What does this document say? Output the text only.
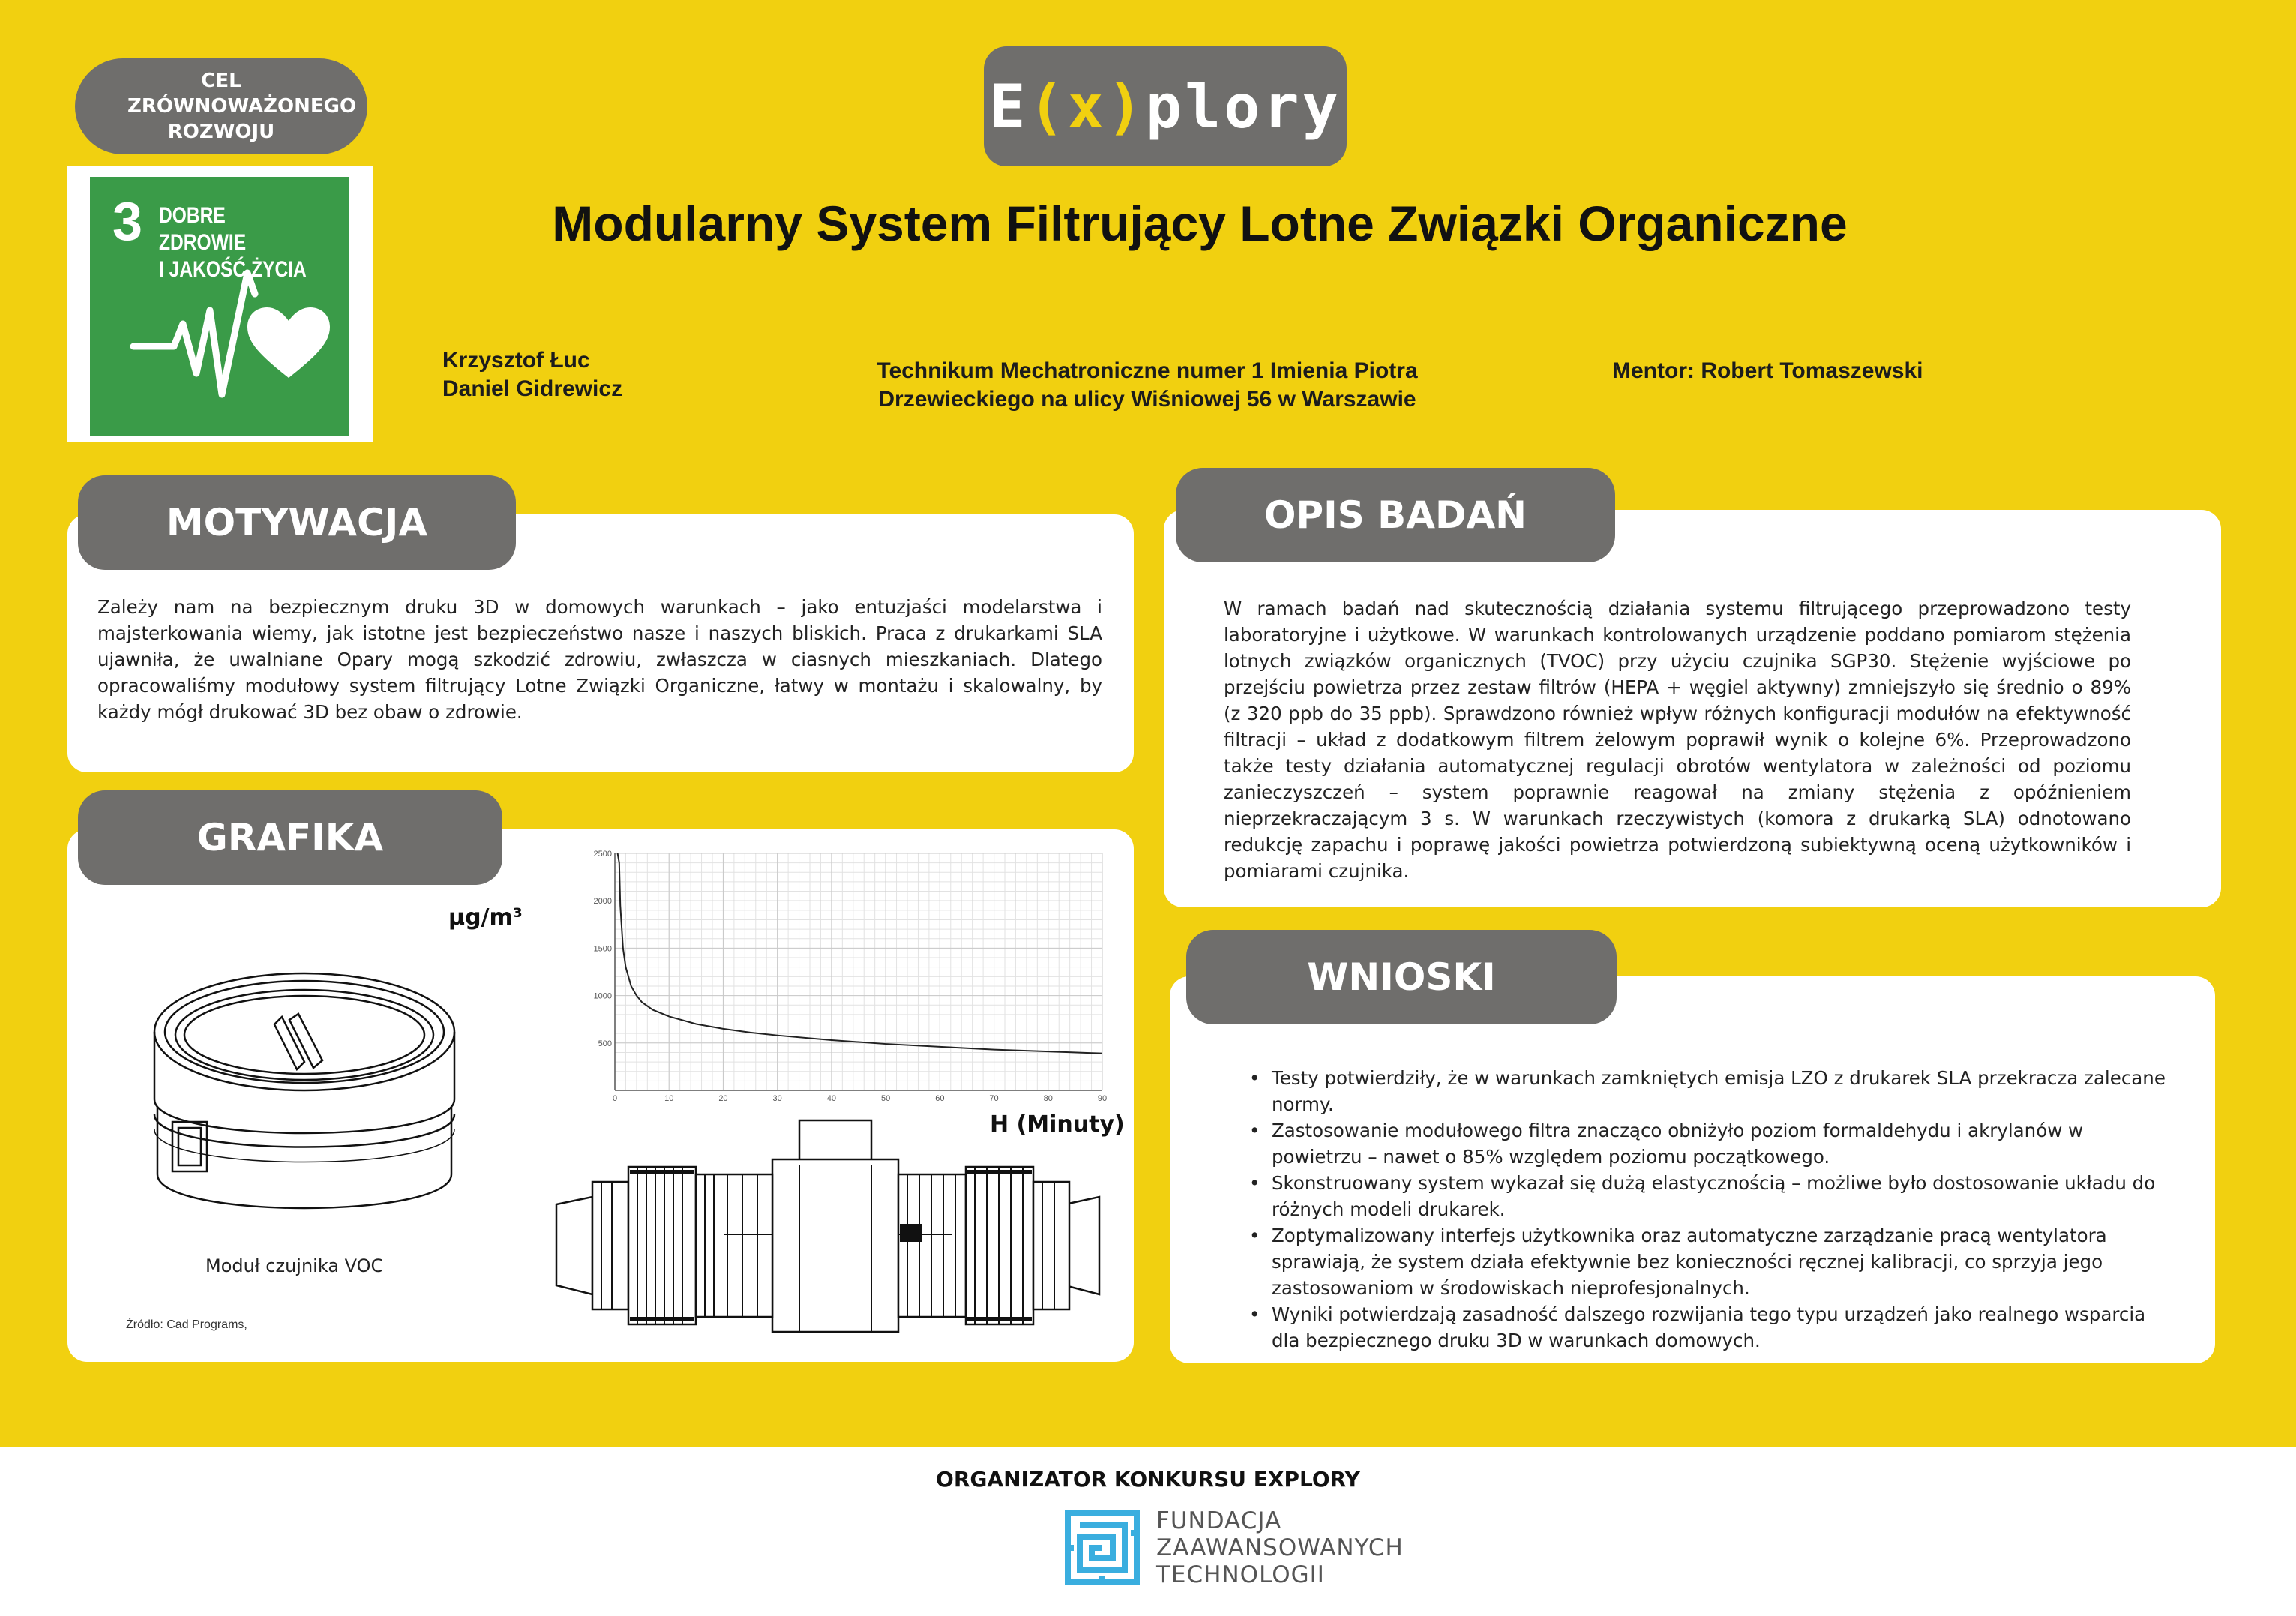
CEL ZRÓWNOWAŻONEGO ROZWOJU
3 DOBRE ZDROWIE
I JAKOŚĆ ŻYCIA
E ( x ) plory
Modularny System Filtrujący Lotne Związki Organiczne
Krzysztof Łuc
Daniel Gidrewicz
Technikum Mechatroniczne numer 1 Imienia Piotra
Drzewieckiego na ulicy Wiśniowej 56 w Warszawie
Mentor: Robert Tomaszewski
Zależy nam na bezpiecznym druku 3D w domowych warunkach – jako entuzjaści modelarstwa i majsterkowania wiemy, jak istotne jest bezpieczeństwo nasze i naszych bliskich. Praca z drukarkami SLA ujawniła, że uwalniane Opary mogą szkodzić zdrowiu, zwłaszcza w ciasnych mieszkaniach. Dlatego opracowaliśmy modułowy system filtrujący Lotne Związki Organiczne, łatwy w montażu i skalowalny, by każdy mógł drukować 3D bez obaw o zdrowie.
MOTYWACJA
Moduł czujnika VOC
Źródło: Cad Programs,
µg/m³
0	10	20	30	40	50	60	70	80	90
500
1000
1500
2000
2500
H (Minuty)
GRAFIKA
W ramach badań nad skutecznością działania systemu filtrującego przeprowadzono testy laboratoryjne i użytkowe. W warunkach kontrolowanych urządzenie poddano pomiarom stężenia lotnych związków organicznych (TVOC) przy użyciu czujnika SGP30. Stężenie wyjściowe po przejściu powietrza przez zestaw filtrów (HEPA + węgiel aktywny) zmniejszyło się średnio o 89% (z 320 ppb do 35 ppb). Sprawdzono również wpływ różnych konfiguracji modułów na efektywność filtracji – układ z dodatkowym filtrem żelowym poprawił wynik o kolejne 6%. Przeprowadzono także testy działania automatycznej regulacji obrotów wentylatora w zależności od poziomu zanieczyszczeń – system poprawnie reagował na zmiany stężenia z opóźnieniem nieprzekraczającym 3 s. W warunkach rzeczywistych (komora z drukarką SLA) odnotowano redukcję zapachu i poprawę jakości powietrza potwierdzoną subiektywną oceną użytkowników i pomiarami czujnika.
OPIS BADAŃ
• Testy potwierdziły, że w warunkach zamkniętych emisja LZO z drukarek SLA przekracza zalecane normy.
• Zastosowanie modułowego filtra znacząco obniżyło poziom formaldehydu i akrylanów w powietrzu – nawet o 85% względem poziomu początkowego.
• Skonstruowany system wykazał się dużą elastycznością – możliwe było dostosowanie układu do różnych modeli drukarek.
• Zoptymalizowany interfejs użytkownika oraz automatyczne zarządzanie pracą wentylatora sprawiają, że system działa efektywnie bez konieczności ręcznej kalibracji, co sprzyja jego zastosowaniom w środowiskach nieprofesjonalnych.
• Wyniki potwierdzają zasadność dalszego rozwijania tego typu urządzeń jako realnego wsparcia dla bezpiecznego druku 3D w warunkach domowych.
WNIOSKI
ORGANIZATOR KONKURSU EXPLORY
FUNDACJA
ZAAWANSOWANYCH
TECHNOLOGII
